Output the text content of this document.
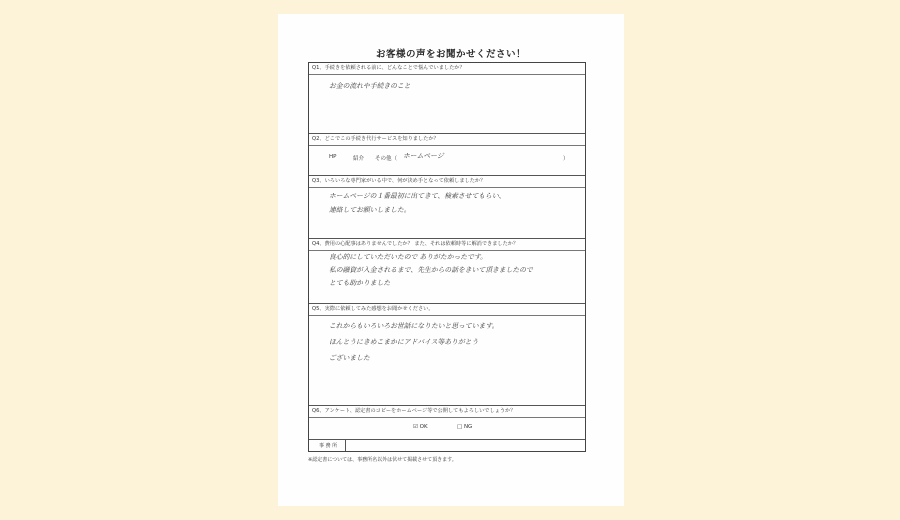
お客様の声をお聞かせください！
Q1、手続きを依頼される前に、どんなことで悩んでいましたか？
お金の流れや手続きのこと
Q2、どこでこの手続き代行サービスを知りましたか？
HP	紹介 その他（ ホームページ	）
Q3、いろいろな専門家がいる中で、何が決め手となって依頼しましたか？
ホームページの１番最初に出てきて、検索させてもらい、
連絡してお願いしました。
Q4、費用の心配事はありませんでしたか？ また、それは依頼時等に解消できましたか？
良心的にしていただいたので ありがたかったです。
私の融資が入金されるまで、先生からの話をきいて頂きましたので
とても助かりました
Q5、実際に依頼してみた感想をお聞かせください。
これからもいろいろお世話になりたいと思っています。
ほんとうにきめこまかにアドバイス等ありがとう
ございました
Q6、アンケート、認定書のコピーをホームページ等で公開してもよろしいでしょうか？
☑ OK	□ NG
事 務 所
※認定書については、事務所名以外は伏せて掲載させて頂きます。
